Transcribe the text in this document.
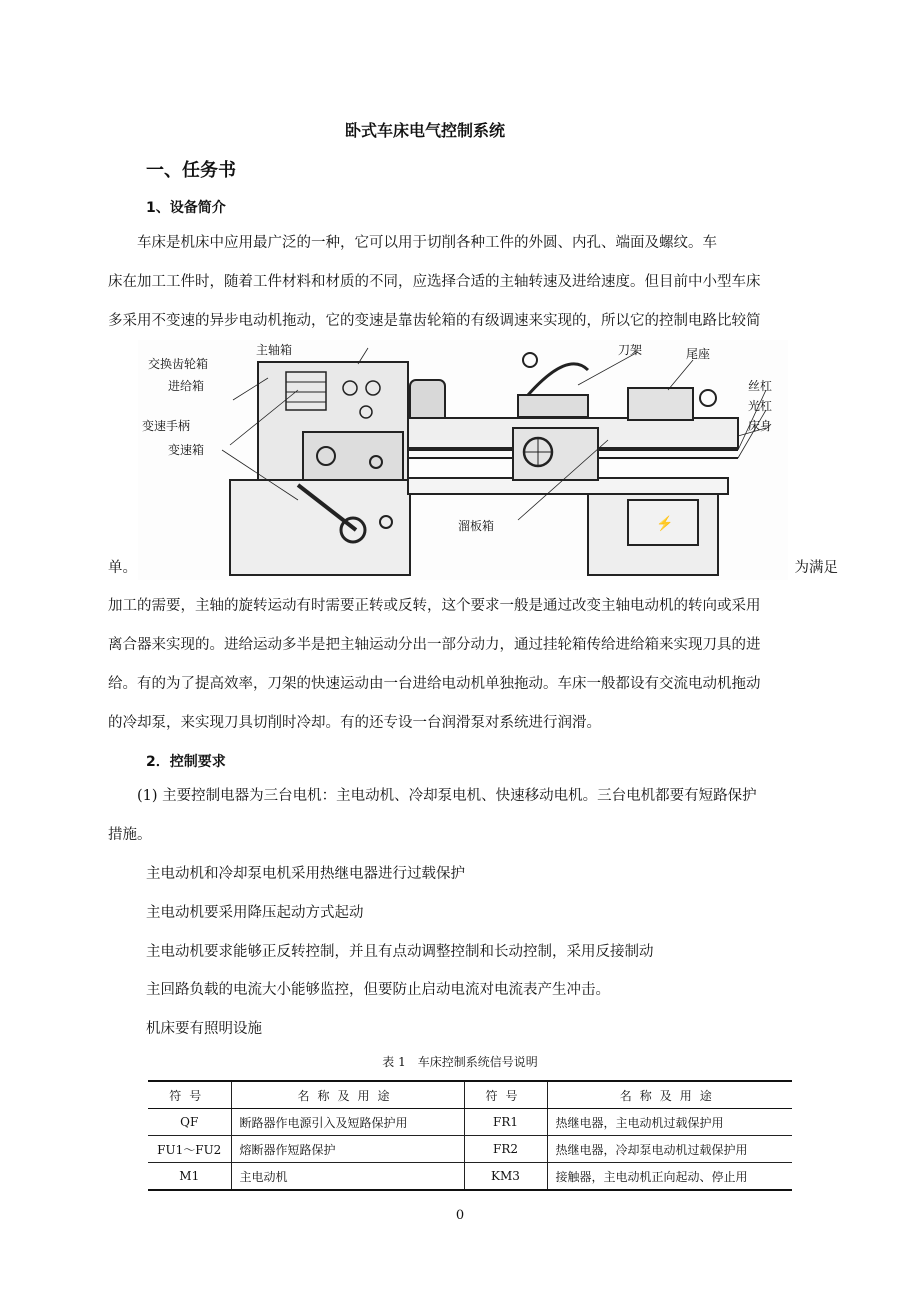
卧式车床电气控制系统
一、任务书
1、设备简介
　　车床是机床中应用最广泛的一种，它可以用于切削各种工件的外圆、内孔、端面及螺纹。车
床在加工工件时，随着工件材料和材质的不同，应选择合适的主轴转速及进给速度。但目前中小型车床
多采用不变速的异步电动机拖动，它的变速是靠齿轮箱的有级调速来实现的，所以它的控制电路比较简
单。
⚡
主轴箱
交换齿轮箱
进给箱
变速手柄
变速箱
刀架	尾座
丝杠
光杠
床身
溜板箱
为满足
加工的需要，主轴的旋转运动有时需要正转或反转，这个要求一般是通过改变主轴电动机的转向或采用
离合器来实现的。进给运动多半是把主轴运动分出一部分动力，通过挂轮箱传给进给箱来实现刀具的进
给。有的为了提高效率，刀架的快速运动由一台进给电动机单独拖动。车床一般都设有交流电动机拖动
的冷却泵，来实现刀具切削时冷却。有的还专设一台润滑泵对系统进行润滑。
2．控制要求
　　(1) 主要控制电器为三台电机：主电动机、冷却泵电机、快速移动电机。三台电机都要有短路保护
措施。
主电动机和冷却泵电机采用热继电器进行过载保护
主电动机要采用降压起动方式起动
主电动机要求能够正反转控制，并且有点动调整控制和长动控制，采用反接制动
主回路负载的电流大小能够监控，但要防止启动电流对电流表产生冲击。
机床要有照明设施
表 1　车床控制系统信号说明
符号	名称及用途	符号	名称及用途
QF	断路器作电源引入及短路保护用	FR1	热继电器，主电动机过载保护用
FU1～FU2	熔断器作短路保护	FR2	热继电器，冷却泵电动机过载保护用
M1	主电动机	KM3	接触器，主电动机正向起动、停止用
0
